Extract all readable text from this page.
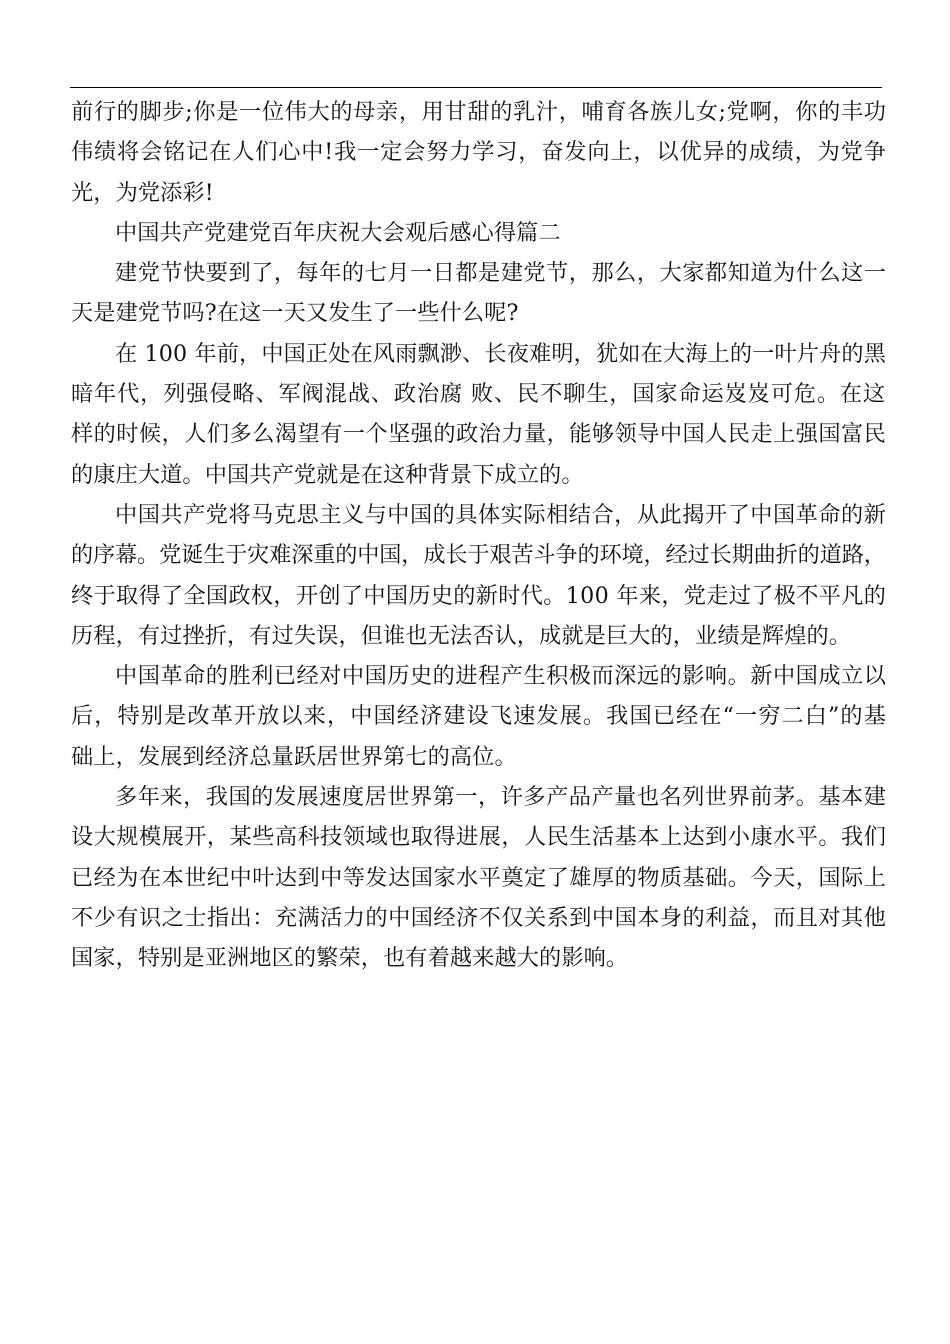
前行的脚步;你是一位伟大的母亲，用甘甜的乳汁，哺育各族儿女;党啊，你的丰功
伟绩将会铭记在人们心中!我一定会努力学习，奋发向上，以优异的成绩，为党争
光，为党添彩!

中国共产党建党百年庆祝大会观后感心得篇二

建党节快要到了，每年的七月一日都是建党节，那么，大家都知道为什么这一
天是建党节吗?在这一天又发生了一些什么呢?

在 100 年前，中国正处在风雨飘渺、长夜难明，犹如在大海上的一叶片舟的黑
暗年代，列强侵略、军阀混战、政治腐 败、民不聊生，国家命运岌岌可危。在这
样的时候，人们多么渴望有一个坚强的政治力量，能够领导中国人民走上强国富民
的康庄大道。中国共产党就是在这种背景下成立的。

中国共产党将马克思主义与中国的具体实际相结合，从此揭开了中国革命的新
的序幕。党诞生于灾难深重的中国，成长于艰苦斗争的环境，经过长期曲折的道路，
终于取得了全国政权，开创了中国历史的新时代。100 年来，党走过了极不平凡的
历程，有过挫折，有过失误，但谁也无法否认，成就是巨大的，业绩是辉煌的。

中国革命的胜利已经对中国历史的进程产生积极而深远的影响。新中国成立以
后，特别是改革开放以来，中国经济建设飞速发展。我国已经在“一穷二白”的基
础上，发展到经济总量跃居世界第七的高位。

多年来，我国的发展速度居世界第一，许多产品产量也名列世界前茅。基本建
设大规模展开，某些高科技领域也取得进展，人民生活基本上达到小康水平。我们
已经为在本世纪中叶达到中等发达国家水平奠定了雄厚的物质基础。今天，国际上
不少有识之士指出：充满活力的中国经济不仅关系到中国本身的利益，而且对其他
国家，特别是亚洲地区的繁荣，也有着越来越大的影响。
